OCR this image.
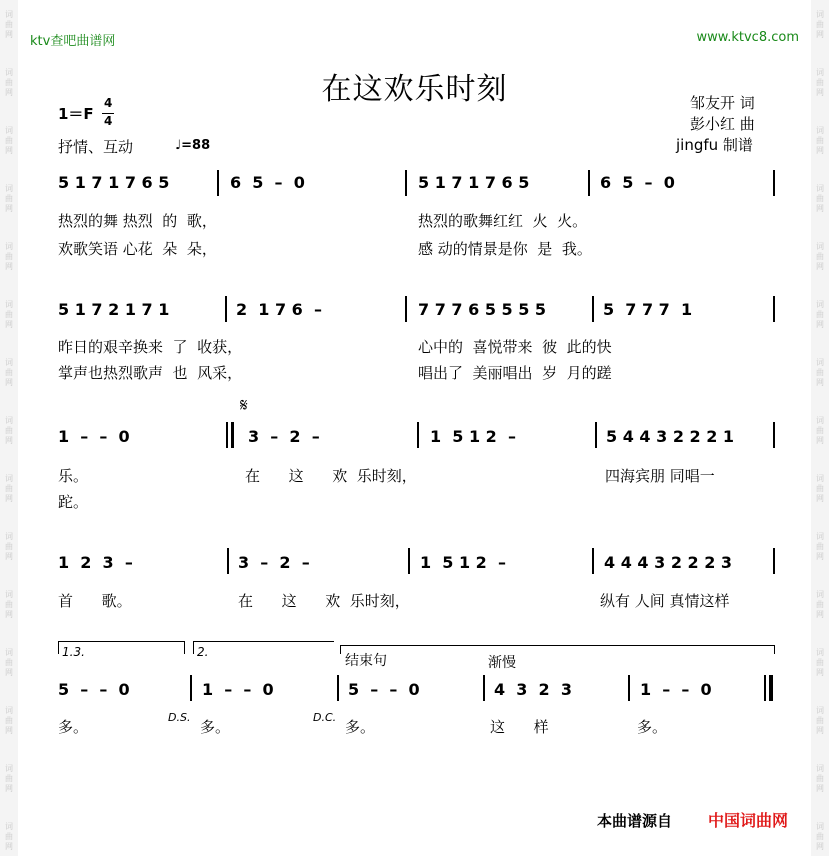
词
曲
网
词
曲
网
词
曲
网
词
曲
网
词
曲
网
词
曲
网
词
曲
网
词
曲
网
词
曲
网
词
曲
网
词
曲
网
词
曲
网
词
曲
网
词
曲
网
词
曲
网
词
曲
网
词
曲
网
词
曲
网
词
曲
网
词
曲
网
词
曲
网
词
曲
网
词
曲
网
词
曲
网
词
曲
网
词
曲
网
词
曲
网
词
曲
网
词
曲
网
词
曲
网
ktv查吧曲谱网	www.ktvc8.com
在这欢乐时刻
1＝F
4
4
抒情、互动	♩=88
邹友开 词
彭小红 曲
jingfu 制谱
5 1 7 1 7 6 5	6  5  –  0	5 1 7 1 7 6 5	6  5  –  0
热烈的舞 热烈  的  歌，	热烈的歌舞红红  火  火。
欢歌笑语 心花  朵  朵，	感 动的情景是你  是  我。
5 1 7 2 1 7 1	2  1 7 6  –	7 7 7 6 5 5 5 5	5  7 7 7  1
昨日的艰辛换来  了  收获，	心中的  喜悦带来  彼  此的快
掌声也热烈歌声  也  风采，	唱出了  美丽唱出  岁  月的蹉
1  –  –  0
𝄋
3  –  2  –	1  5 1 2  –	5 4 4 3 2 2 2 1
乐。
跎。
在      这      欢  乐时刻，	四海宾朋 同唱一
1  2  3  –	3  –  2  –	1  5 1 2  –	4 4 4 3 2 2 2 3
首      歌。	在      这      欢  乐时刻，	纵有 人间 真情这样
1.3.	2.
结束句	渐慢
5  –  –  0	1  –  –  0	5  –  –  0	4  3  2  3	1  –  –  0
多。
D.S.
多。
D.C.
多。	这      样	多。
本曲谱源自 中国词曲网
